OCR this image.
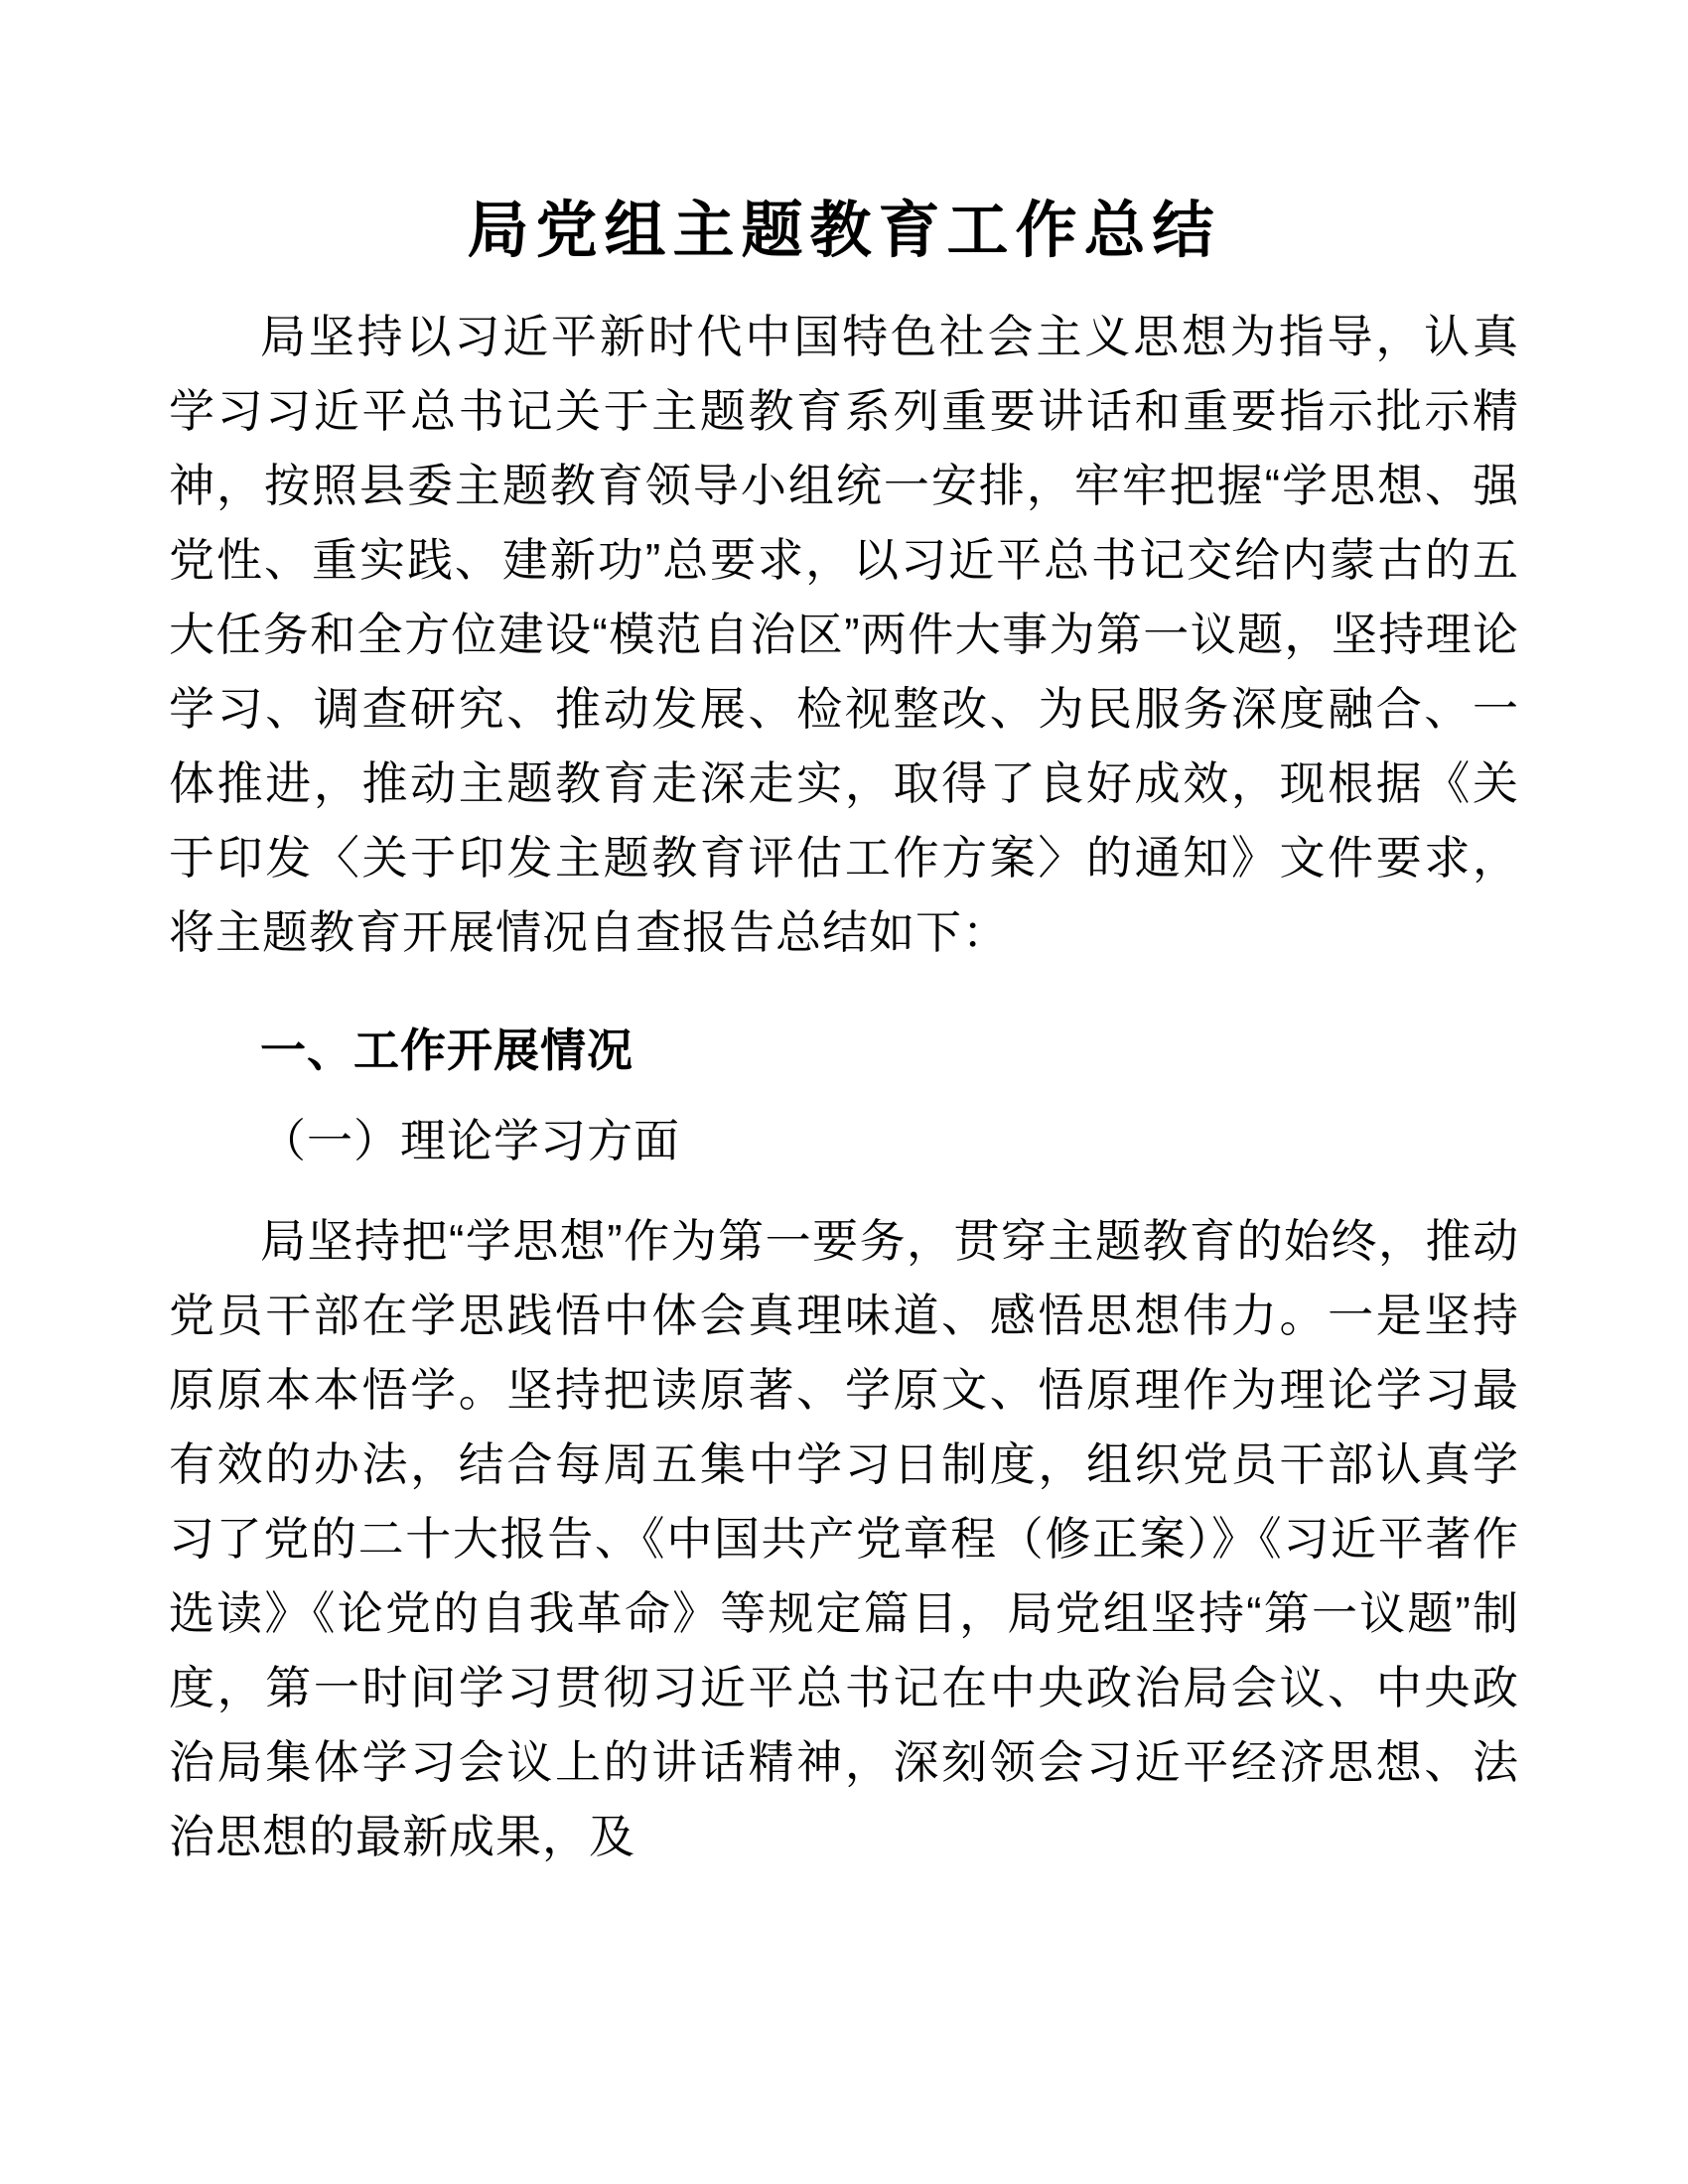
局党组主题教育工作总结

局坚持以习近平新时代中国特色社会主义思想为指导，认真学习习近平总书记关于主题教育系列重要讲话和重要指示批示精神，按照县委主题教育领导小组统一安排，牢牢把握“学思想、强党性、重实践、建新功”总要求，以习近平总书记交给内蒙古的五大任务和全方位建设“模范自治区”两件大事为第一议题，坚持理论学习、调查研究、推动发展、检视整改、为民服务深度融合、一体推进，推动主题教育走深走实，取得了良好成效，现根据《关于印发〈关于印发主题教育评估工作方案〉的通知》文件要求，将主题教育开展情况自查报告总结如下：

一、工作开展情况
（一）理论学习方面

局坚持把“学思想”作为第一要务，贯穿主题教育的始终，推动党员干部在学思践悟中体会真理味道、感悟思想伟力。一是坚持原原本本悟学。坚持把读原著、学原文、悟原理作为理论学习最有效的办法，结合每周五集中学习日制度，组织党员干部认真学习了党的二十大报告、《中国共产党章程（修正案）》《习近平著作选读》《论党的自我革命》等规定篇目，局党组坚持“第一议题”制度，第一时间学习贯彻习近平总书记在中央政治局会议、中央政治局集体学习会议上的讲话精神，深刻领会习近平经济思想、法治思想的最新成果，及
